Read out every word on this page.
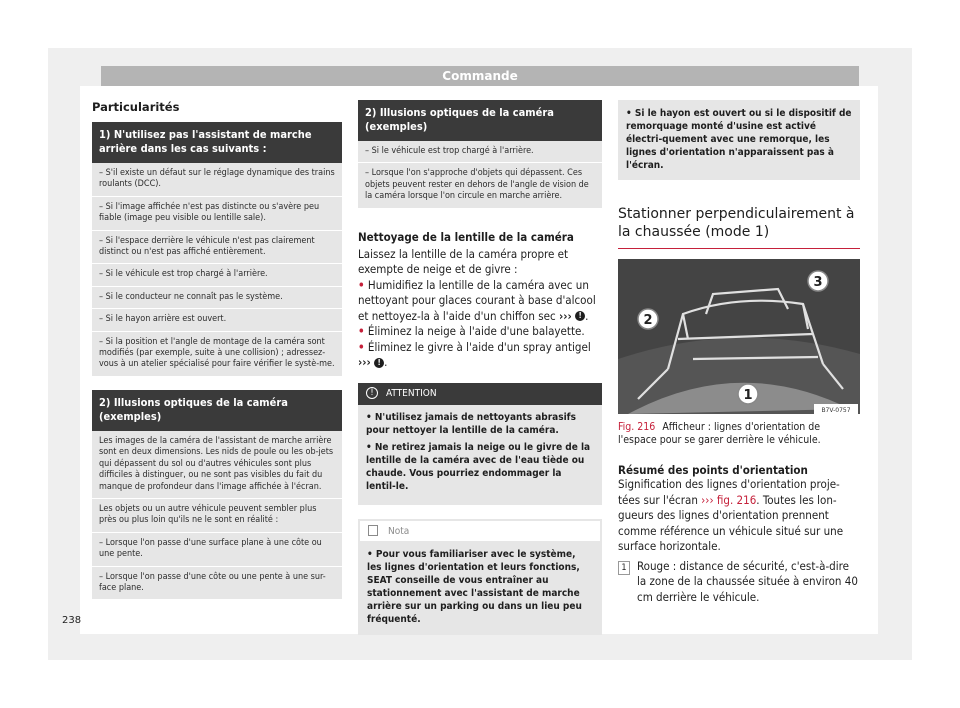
Commande
Particularités
1) N'utilisez pas l'assistant de marche arrière dans les cas suivants :
– S'il existe un défaut sur le réglage dynamique des trains roulants (DCC).
– Si l'image affichée n'est pas distincte ou s'avère peu fiable (image peu visible ou lentille sale).
– Si l'espace derrière le véhicule n'est pas clairement distinct ou n'est pas affiché entièrement.
– Si le véhicule est trop chargé à l'arrière.
– Si le conducteur ne connaît pas le système.
– Si le hayon arrière est ouvert.
– Si la position et l'angle de montage de la caméra sont modifiés (par exemple, suite à une collision) ; adressez-vous à un atelier spécialisé pour faire vérifier le systè-me.
2) Illusions optiques de la caméra (exemples)
Les images de la caméra de l'assistant de marche arrière sont en deux dimensions. Les nids de poule ou les ob-jets qui dépassent du sol ou d'autres véhicules sont plus difficiles à distinguer, ou ne sont pas visibles du fait du manque de profondeur dans l'image affichée à l'écran.
Les objets ou un autre véhicule peuvent sembler plus près ou plus loin qu'ils ne le sont en réalité :
– Lorsque l'on passe d'une surface plane à une côte ou une pente.
– Lorsque l'on passe d'une côte ou une pente à une sur-face plane.
2) Illusions optiques de la caméra (exemples)
– Si le véhicule est trop chargé à l'arrière.
– Lorsque l'on s'approche d'objets qui dépassent. Ces objets peuvent rester en dehors de l'angle de vision de la caméra lorsque l'on circule en marche arrière.
Nettoyage de la lentille de la caméra
Laissez la lentille de la caméra propre et exempte de neige et de givre :
• Humidifiez la lentille de la caméra avec un nettoyant pour glaces courant à base d'alcool et nettoyez-la à l'aide d'un chiffon sec ››› ! .
• Éliminez la neige à l'aide d'une balayette.
• Éliminez le givre à l'aide d'un spray antigel
››› ! .
! ATTENTION

• N'utilisez jamais de nettoyants abrasifs pour nettoyer la lentille de la caméra.

• Ne retirez jamais la neige ou le givre de la lentille de la caméra avec de l'eau tiède ou chaude. Vous pourriez endommager la lentil-le.

Nota

• Pour vous familiariser avec le système, les lignes d'orientation et leurs fonctions, SEAT conseille de vous entraîner au stationnement avec l'assistant de marche arrière sur un parking ou dans un lieu peu fréquenté.

• Si le hayon est ouvert ou si le dispositif de remorquage monté d'usine est activé électri-quement avec une remorque, les lignes d'orientation n'apparaissent pas à l'écran.
Stationner perpendiculairement à la chaussée (mode 1)
1
2
3
B7V-0757
Fig. 216 Afficheur : lignes d'orientation de l'espace pour se garer derrière le véhicule.
Résumé des points d'orientation
Signification des lignes d'orientation proje-tées sur l'écran ››› fig. 216. Toutes les lon-gueurs des lignes d'orientation prennent comme référence un véhicule situé sur une surface horizontale.
1 Rouge : distance de sécurité, c'est-à-dire la zone de la chaussée située à environ 40 cm derrière le véhicule.
238
